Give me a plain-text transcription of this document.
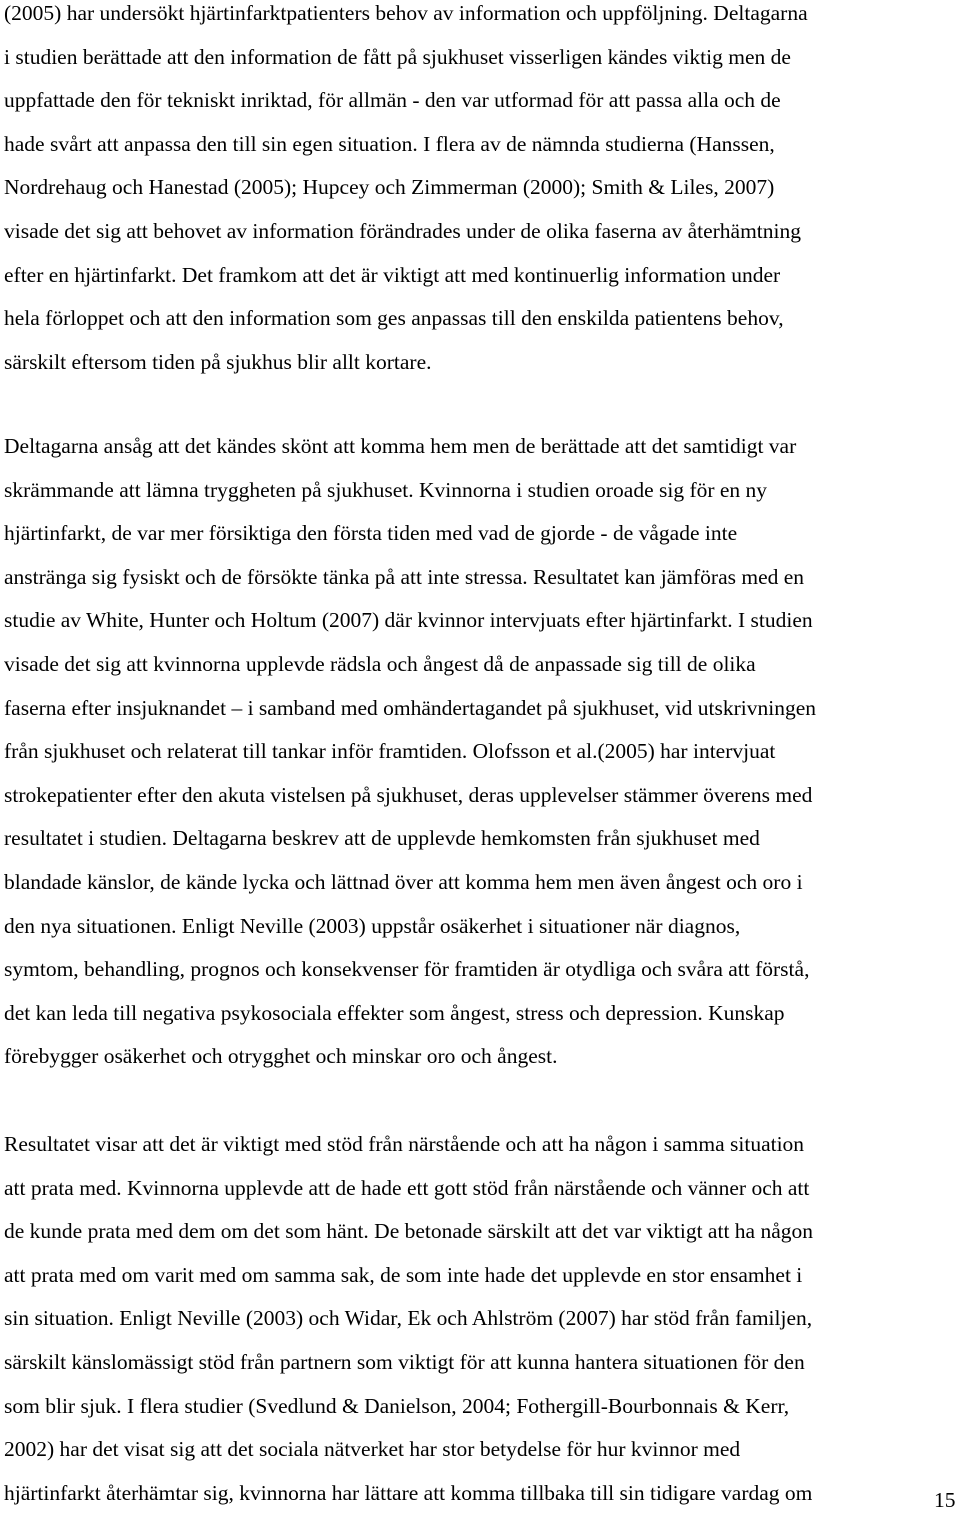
(2005) har undersökt hjärtinfarktpatienters behov av information och uppföljning. Deltagarna
i studien berättade att den information de fått på sjukhuset visserligen kändes viktig men de
uppfattade den för tekniskt inriktad, för allmän - den var utformad för att passa alla och de
hade svårt att anpassa den till sin egen situation. I flera av de nämnda studierna (Hanssen,
Nordrehaug och Hanestad (2005); Hupcey och Zimmerman (2000); Smith & Liles, 2007)
visade det sig att behovet av information förändrades under de olika faserna av återhämtning
efter en hjärtinfarkt. Det framkom att det är viktigt att med kontinuerlig information under
hela förloppet och att den information som ges anpassas till den enskilda patientens behov,
särskilt eftersom tiden på sjukhus blir allt kortare.

Deltagarna ansåg att det kändes skönt att komma hem men de berättade att det samtidigt var
skrämmande att lämna tryggheten på sjukhuset. Kvinnorna i studien oroade sig för en ny
hjärtinfarkt, de var mer försiktiga den första tiden med vad de gjorde - de vågade inte
anstränga sig fysiskt och de försökte tänka på att inte stressa. Resultatet kan jämföras med en
studie av White, Hunter och Holtum (2007) där kvinnor intervjuats efter hjärtinfarkt. I studien
visade det sig att kvinnorna upplevde rädsla och ångest då de anpassade sig till de olika
faserna efter insjuknandet – i samband med omhändertagandet på sjukhuset, vid utskrivningen
från sjukhuset och relaterat till tankar inför framtiden. Olofsson et al.(2005) har intervjuat
strokepatienter efter den akuta vistelsen på sjukhuset, deras upplevelser stämmer överens med
resultatet i studien. Deltagarna beskrev att de upplevde hemkomsten från sjukhuset med
blandade känslor, de kände lycka och lättnad över att komma hem men även ångest och oro i
den nya situationen. Enligt Neville (2003) uppstår osäkerhet i situationer när diagnos,
symtom, behandling, prognos och konsekvenser för framtiden är otydliga och svåra att förstå,
det kan leda till negativa psykosociala effekter som ångest, stress och depression. Kunskap
förebygger osäkerhet och otrygghet och minskar oro och ångest.

Resultatet visar att det är viktigt med stöd från närstående och att ha någon i samma situation
att prata med. Kvinnorna upplevde att de hade ett gott stöd från närstående och vänner och att
de kunde prata med dem om det som hänt. De betonade särskilt att det var viktigt att ha någon
att prata med om varit med om samma sak, de som inte hade det upplevde en stor ensamhet i
sin situation. Enligt Neville (2003) och Widar, Ek och Ahlström (2007) har stöd från familjen,
särskilt känslomässigt stöd från partnern som viktigt för att kunna hantera situationen för den
som blir sjuk. I flera studier (Svedlund & Danielson, 2004; Fothergill-Bourbonnais & Kerr,
2002) har det visat sig att det sociala nätverket har stor betydelse för hur kvinnor med
hjärtinfarkt återhämtar sig, kvinnorna har lättare att komma tillbaka till sin tidigare vardag om	15
